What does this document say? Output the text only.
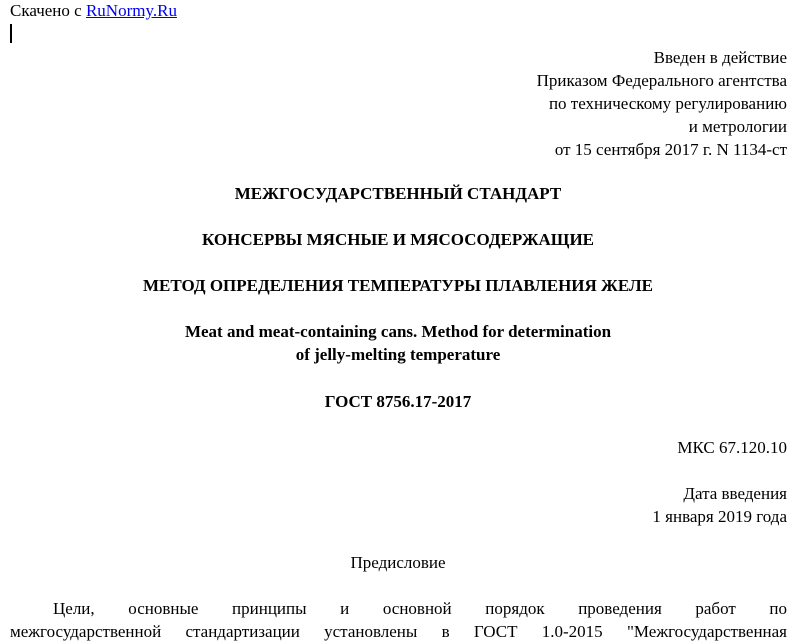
Скачено с RuNormy.Ru
Введен в действие
Приказом Федерального агентства
по техническому регулированию
и метрологии
от 15 сентября 2017 г. N 1134-ст
МЕЖГОСУДАРСТВЕННЫЙ СТАНДАРТ
КОНСЕРВЫ МЯСНЫЕ И МЯСОСОДЕРЖАЩИЕ
МЕТОД ОПРЕДЕЛЕНИЯ ТЕМПЕРАТУРЫ ПЛАВЛЕНИЯ ЖЕЛЕ
Meat and meat-containing cans. Method for determination
of jelly-melting temperature
ГОСТ 8756.17-2017
МКС 67.120.10
Дата введения
1 января 2019 года
Предисловие
Цели, основные принципы и основной порядок проведения работ по
межгосударственной стандартизации установлены в ГОСТ 1.0-2015 "Межгосударственная
